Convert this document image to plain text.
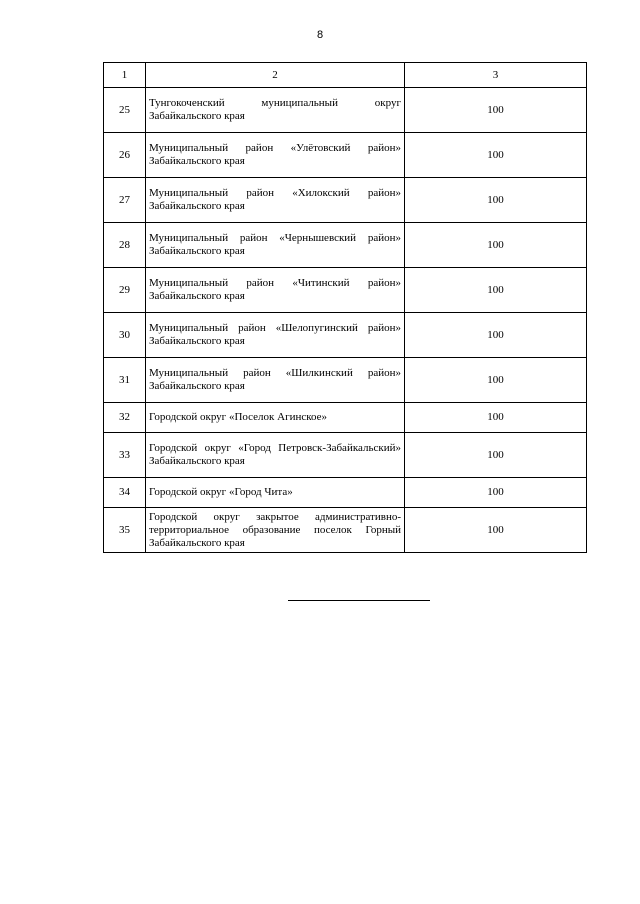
8
1	2	3
25	Тунгокоченский муниципальный округ Забайкальского края	100
26	Муниципальный район «Улётовский район» Забайкальского края	100
27	Муниципальный район «Хилокский район» Забайкальского края	100
28	Муниципальный район «Чернышевский район» Забайкальского края	100
29	Муниципальный район «Читинский район» Забайкальского края	100
30	Муниципальный район «Шелопугинский район» Забайкальского края	100
31	Муниципальный район «Шилкинский район» Забайкальского края	100
32	Городской округ «Поселок Агинское»	100
33	Городской округ «Город Петровск-Забайкальский» Забайкальского края	100
34	Городской округ «Город Чита»	100
35	Городской округ закрытое административно-территориальное образование поселок Горный Забайкальского края	100
